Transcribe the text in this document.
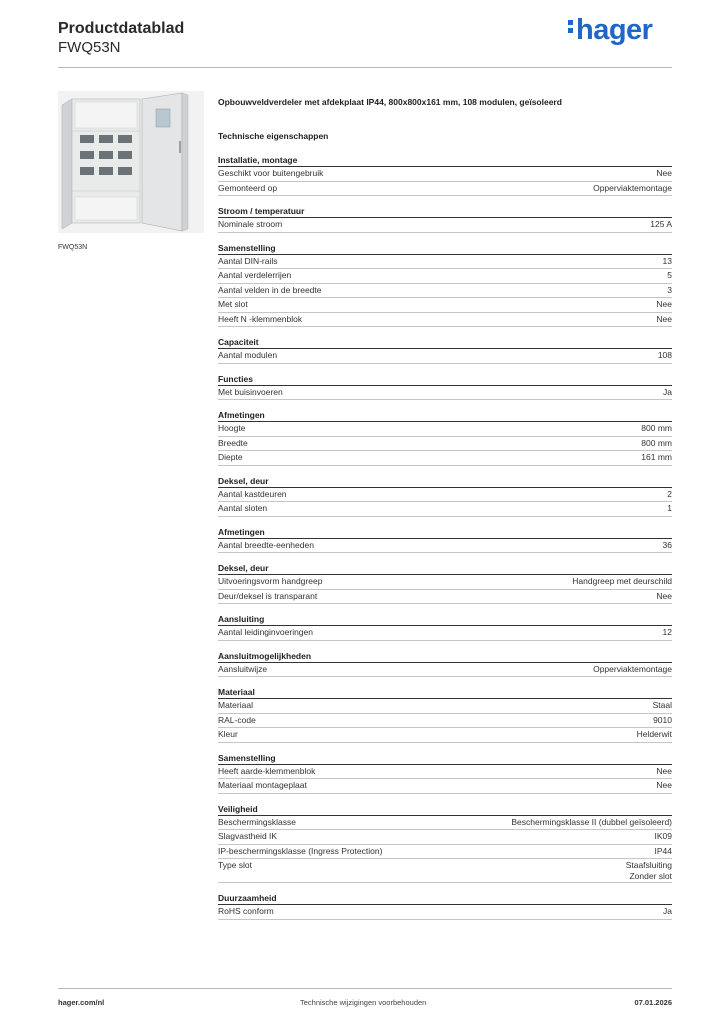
Productdatablad
FWQ53N
hager
FWQ53N
Opbouwveldverdeler met afdekplaat IP44, 800x800x161 mm, 108 modulen, geïsoleerd
Technische eigenschappen
Installatie, montage
Geschikt voor buitengebruik	Nee
Gemonteerd op	Opperviaktemontage
Stroom / temperatuur
Nominale stroom	125 A
Samenstelling
Aantal DIN-rails	13
Aantal verdelerrijen	5
Aantal velden in de breedte	3
Met slot	Nee
Heeft N -klemmenblok	Nee
Capaciteit
Aantal modulen	108
Functies
Met buisinvoeren	Ja
Afmetingen
Hoogte	800 mm
Breedte	800 mm
Diepte	161 mm
Deksel, deur
Aantal kastdeuren	2
Aantal sloten	1
Afmetingen
Aantal breedte-eenheden	36
Deksel, deur
Uitvoeringsvorm handgreep	Handgreep met deurschild
Deur/deksel is transparant	Nee
Aansluiting
Aantal leidinginvoeringen	12
Aansluitmogelijkheden
Aansluitwijze	Opperviaktemontage
Materiaal
Materiaal	Staal
RAL-code	9010
Kleur	Helderwit
Samenstelling
Heeft aarde-klemmenblok	Nee
Materiaal montageplaat	Nee
Veiligheid
Beschermingsklasse	Beschermingsklasse II (dubbel geïsoleerd)
Slagvastheid IK	IK09
IP-beschermingsklasse (Ingress Protection)	IP44
Type slot	Staafsluiting
Zonder slot
Duurzaamheid
RoHS conform	Ja
hager.com/nl	Technische wijzigingen voorbehouden	07.01.2026
